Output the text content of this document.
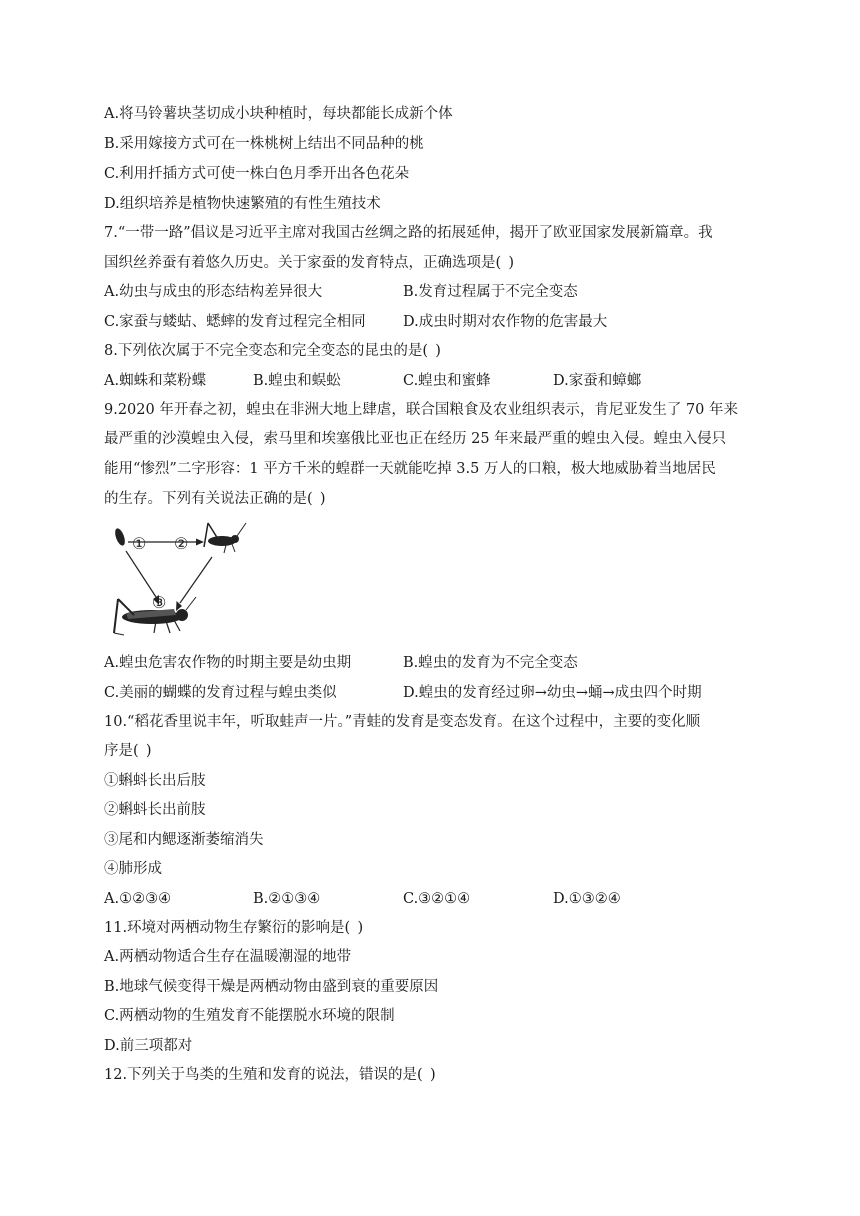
A.将马铃薯块茎切成小块种植时，每块都能长成新个体
B.采用嫁接方式可在一株桃树上结出不同品种的桃
C.利用扦插方式可使一株白色月季开出各色花朵
D.组织培养是植物快速繁殖的有性生殖技术
7.“一带一路”倡议是习近平主席对我国古丝绸之路的拓展延伸，揭开了欧亚国家发展新篇章。我
国织丝养蚕有着悠久历史。关于家蚕的发育特点，正确选项是( )
A.幼虫与成虫的形态结构差异很大	B.发育过程属于不完全变态
C.家蚕与蝼蛄、蟋蟀的发育过程完全相同	D.成虫时期对农作物的危害最大
8.下列依次属于不完全变态和完全变态的昆虫的是( )
A.蜘蛛和菜粉蝶	B.蝗虫和蜈蚣	C.蝗虫和蜜蜂	D.家蚕和蟑螂
9.2020 年开春之初，蝗虫在非洲大地上肆虐，联合国粮食及农业组织表示，肯尼亚发生了 70 年来
最严重的沙漠蝗虫入侵，索马里和埃塞俄比亚也正在经历 25 年来最严重的蝗虫入侵。蝗虫入侵只
能用“惨烈”二字形容：1 平方千米的蝗群一天就能吃掉 3.5 万人的口粮，极大地威胁着当地居民
的生存。下列有关说法正确的是( )
① ②
③
A.蝗虫危害农作物的时期主要是幼虫期	B.蝗虫的发育为不完全变态
C.美丽的蝴蝶的发育过程与蝗虫类似	D.蝗虫的发育经过卵→幼虫→蛹→成虫四个时期
10.“稻花香里说丰年，听取蛙声一片。”青蛙的发育是变态发育。在这个过程中，主要的变化顺
序是( )
①蝌蚪长出后肢
②蝌蚪长出前肢
③尾和内鳃逐渐萎缩消失
④肺形成
A.①②③④	B.②①③④	C.③②①④	D.①③②④
11.环境对两栖动物生存繁衍的影响是( )
A.两栖动物适合生存在温暖潮湿的地带
B.地球气候变得干燥是两栖动物由盛到衰的重要原因
C.两栖动物的生殖发育不能摆脱水环境的限制
D.前三项都对
12.下列关于鸟类的生殖和发育的说法，错误的是( )
